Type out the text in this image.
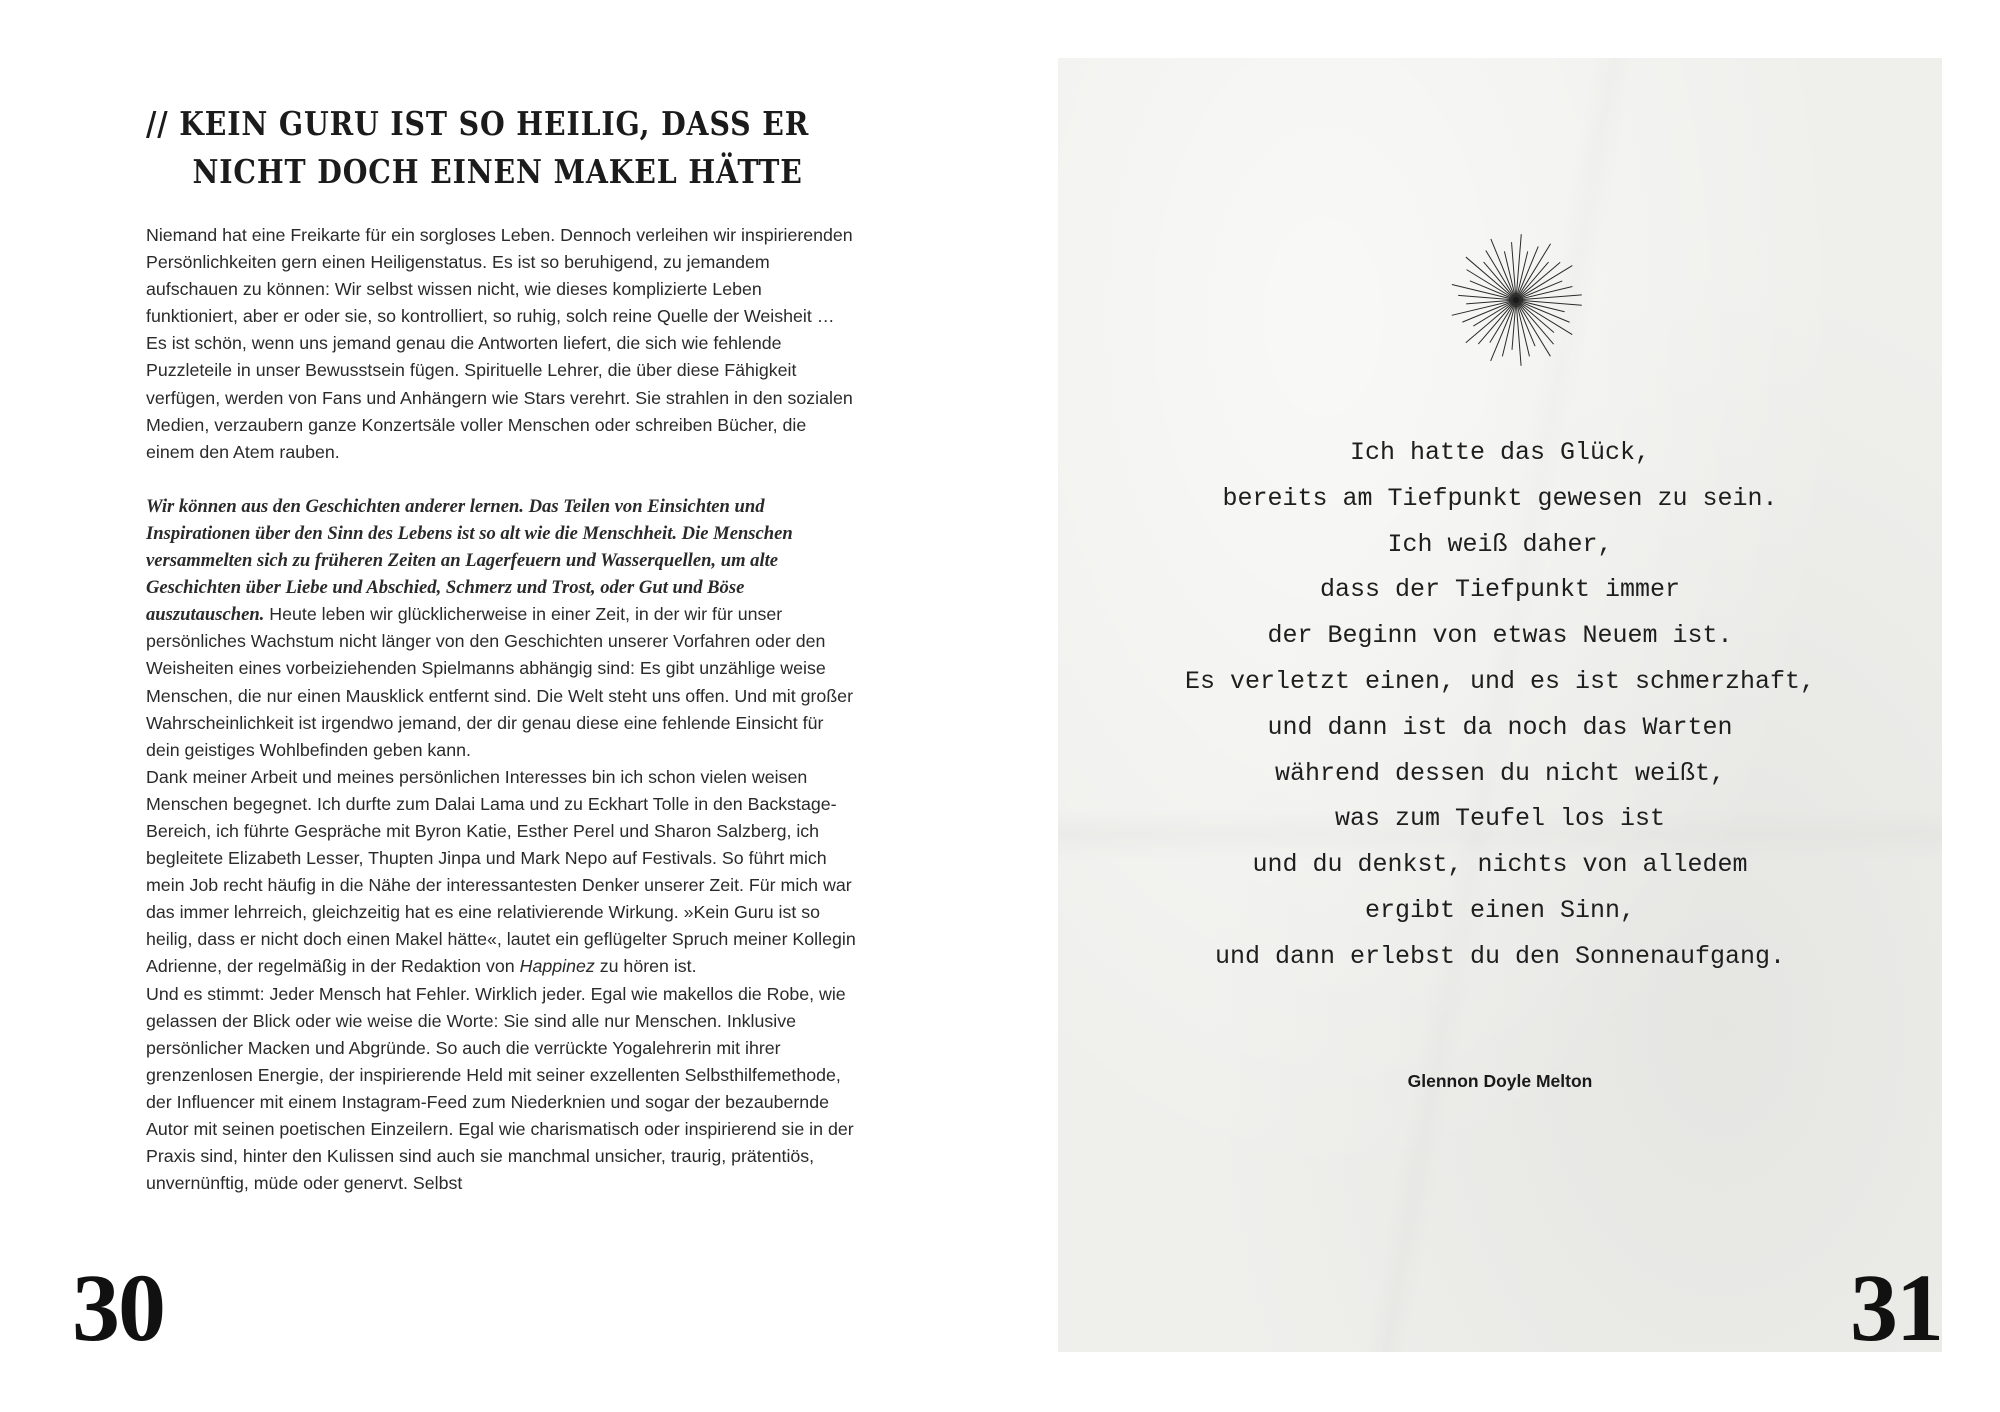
// KEIN GURU IST SO HEILIG, DASS ER
NICHT DOCH EINEN MAKEL HÄTTE

Niemand hat eine Freikarte für ein sorgloses Leben. Dennoch verleihen wir inspirierenden Persönlichkeiten gern einen Heiligenstatus. Es ist so beruhigend, zu jemandem aufschauen zu können: Wir selbst wissen nicht, wie dieses komplizierte Leben funktioniert, aber er oder sie, so kontrolliert, so ruhig, solch reine Quelle der Weisheit … Es ist schön, wenn uns jemand genau die Antworten liefert, die sich wie fehlende Puzzleteile in unser Bewusstsein fügen. Spirituelle Lehrer, die über diese Fähigkeit verfügen, werden von Fans und Anhängern wie Stars verehrt. Sie strahlen in den sozialen Medien, verzaubern ganze Konzertsäle voller Menschen oder schreiben Bücher, die einem den Atem rauben.

Wir können aus den Geschichten anderer lernen. Das Teilen von Einsichten und Inspirationen über den Sinn des Lebens ist so alt wie die Menschheit. Die Menschen versammelten sich zu früheren Zeiten an Lagerfeuern und Wasserquellen, um alte Geschichten über Liebe und Abschied, Schmerz und Trost, oder Gut und Böse auszutauschen. Heute leben wir glücklicherweise in einer Zeit, in der wir für unser persönliches Wachstum nicht länger von den Geschichten unserer Vorfahren oder den Weisheiten eines vorbeiziehenden Spielmanns abhängig sind: Es gibt unzählige weise Menschen, die nur einen Mausklick entfernt sind. Die Welt steht uns offen. Und mit großer Wahrscheinlichkeit ist irgendwo jemand, der dir genau diese eine fehlende Einsicht für dein geistiges Wohlbefinden geben kann.

Dank meiner Arbeit und meines persönlichen Interesses bin ich schon vielen weisen Menschen begegnet. Ich durfte zum Dalai Lama und zu Eckhart Tolle in den Backstage-Bereich, ich führte Gespräche mit Byron Katie, Esther Perel und Sharon Salzberg, ich begleitete Elizabeth Lesser, Thupten Jinpa und Mark Nepo auf Festivals. So führt mich mein Job recht häufig in die Nähe der interessantesten Denker unserer Zeit. Für mich war das immer lehrreich, gleichzeitig hat es eine relativierende Wirkung. »Kein Guru ist so heilig, dass er nicht doch einen Makel hätte«, lautet ein geflügelter Spruch meiner Kollegin Adrienne, der regelmäßig in der Redaktion von Happinez zu hören ist.

Und es stimmt: Jeder Mensch hat Fehler. Wirklich jeder. Egal wie makellos die Robe, wie gelassen der Blick oder wie weise die Worte: Sie sind alle nur Menschen. Inklusive persönlicher Macken und Abgründe. So auch die verrückte Yogalehrerin mit ihrer grenzenlosen Energie, der inspirierende Held mit seiner exzellenten Selbsthilfemethode, der Influencer mit einem Instagram-Feed zum Niederknien und sogar der bezaubernde Autor mit seinen poetischen Einzeilern. Egal wie charismatisch oder inspirierend sie in der Praxis sind, hinter den Kulissen sind auch sie manchmal unsicher, traurig, prätentiös, unvernünftig, müde oder genervt. Selbst

30
Ich hatte das Glück,
bereits am Tiefpunkt gewesen zu sein.
Ich weiß daher,
dass der Tiefpunkt immer
der Beginn von etwas Neuem ist.
Es verletzt einen, und es ist schmerzhaft,
und dann ist da noch das Warten
während dessen du nicht weißt,
was zum Teufel los ist
und du denkst, nichts von alledem
ergibt einen Sinn,
und dann erlebst du den Sonnenaufgang.
Glennon Doyle Melton
31
